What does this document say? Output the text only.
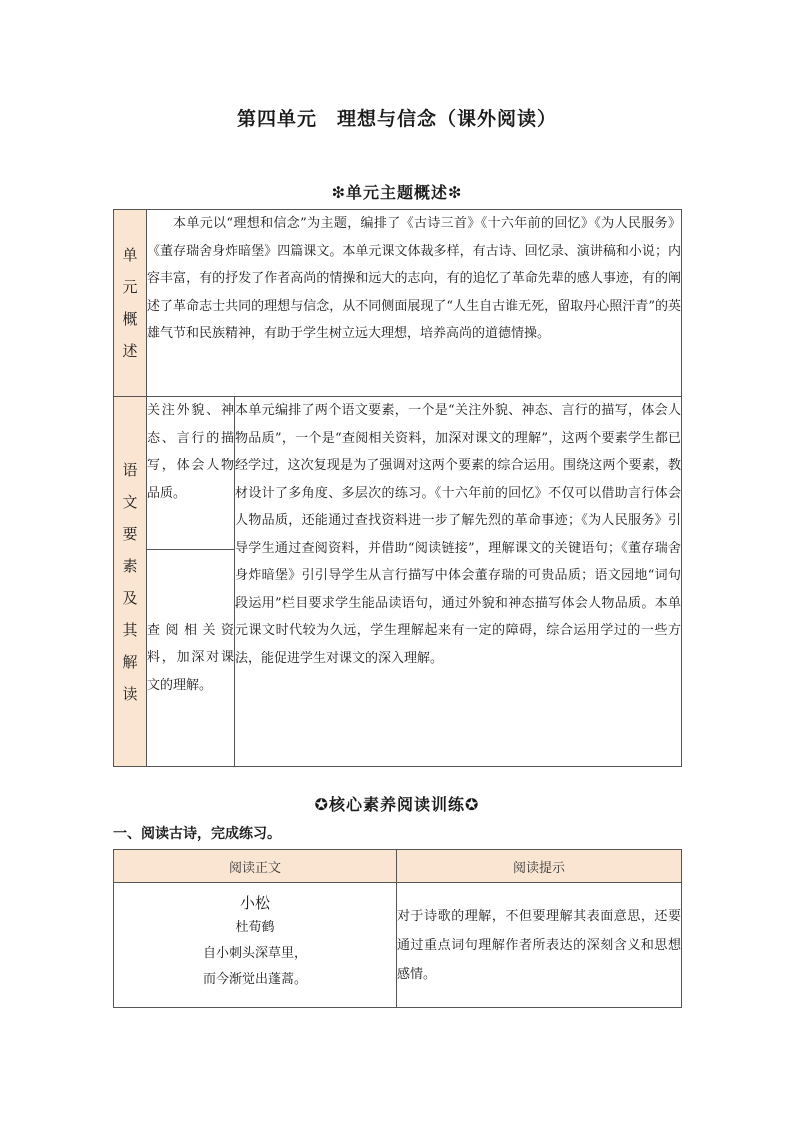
第四单元　理想与信念（课外阅读）
❇单元主题概述❇
单元概述	本单元以“理想和信念”为主题，编排了《古诗三首》《十六年前的回忆》《为人民服务》《董存瑞舍身炸暗堡》四篇课文。本单元课文体裁多样，有古诗、回忆录、演讲稿和小说；内容丰富，有的抒发了作者高尚的情操和远大的志向，有的追忆了革命先辈的感人事迹，有的阐述了革命志士共同的理想与信念，从不同侧面展现了“人生自古谁无死，留取丹心照汗青”的英雄气节和民族精神，有助于学生树立远大理想，培养高尚的道德情操。	
语文要素及其解读	关注外貌、神态、言行的描写，体会人物品质。	本单元编排了两个语文要素，一个是“关注外貌、神态、言行的描写，体会人物品质”，一个是“查阅相关资料，加深对课文的理解”，这两个要素学生都已经学过，这次复现是为了强调对这两个要素的综合运用。围绕这两个要素，教材设计了多角度、多层次的练习。《十六年前的回忆》不仅可以借助言行体会人物品质，还能通过查找资料进一步了解先烈的革命事迹；《为人民服务》引导学生通过查阅资料，并借助“阅读链接”，理解课文的关键语句；《董存瑞舍身炸暗堡》引引导学生从言行描写中体会董存瑞的可贵品质；语文园地“词句段运用”栏目要求学生能品读语句，通过外貌和神态描写体会人物品质。本单元课文时代较为久远，学生理解起来有一定的障碍，综合运用学过的一些方法，能促进学生对课文的深入理解。
	查阅相关资料，加深对课文的理解。	
✪核心素养阅读训练✪
一、阅读古诗，完成练习。
阅读正文	阅读提示

小松
杜荀鹤
自小刺头深草里，
而今渐觉出蓬蒿。	对于诗歌的理解，不但要理解其表面意思，还要通过重点词句理解作者所表达的深刻含义和思想感情。
